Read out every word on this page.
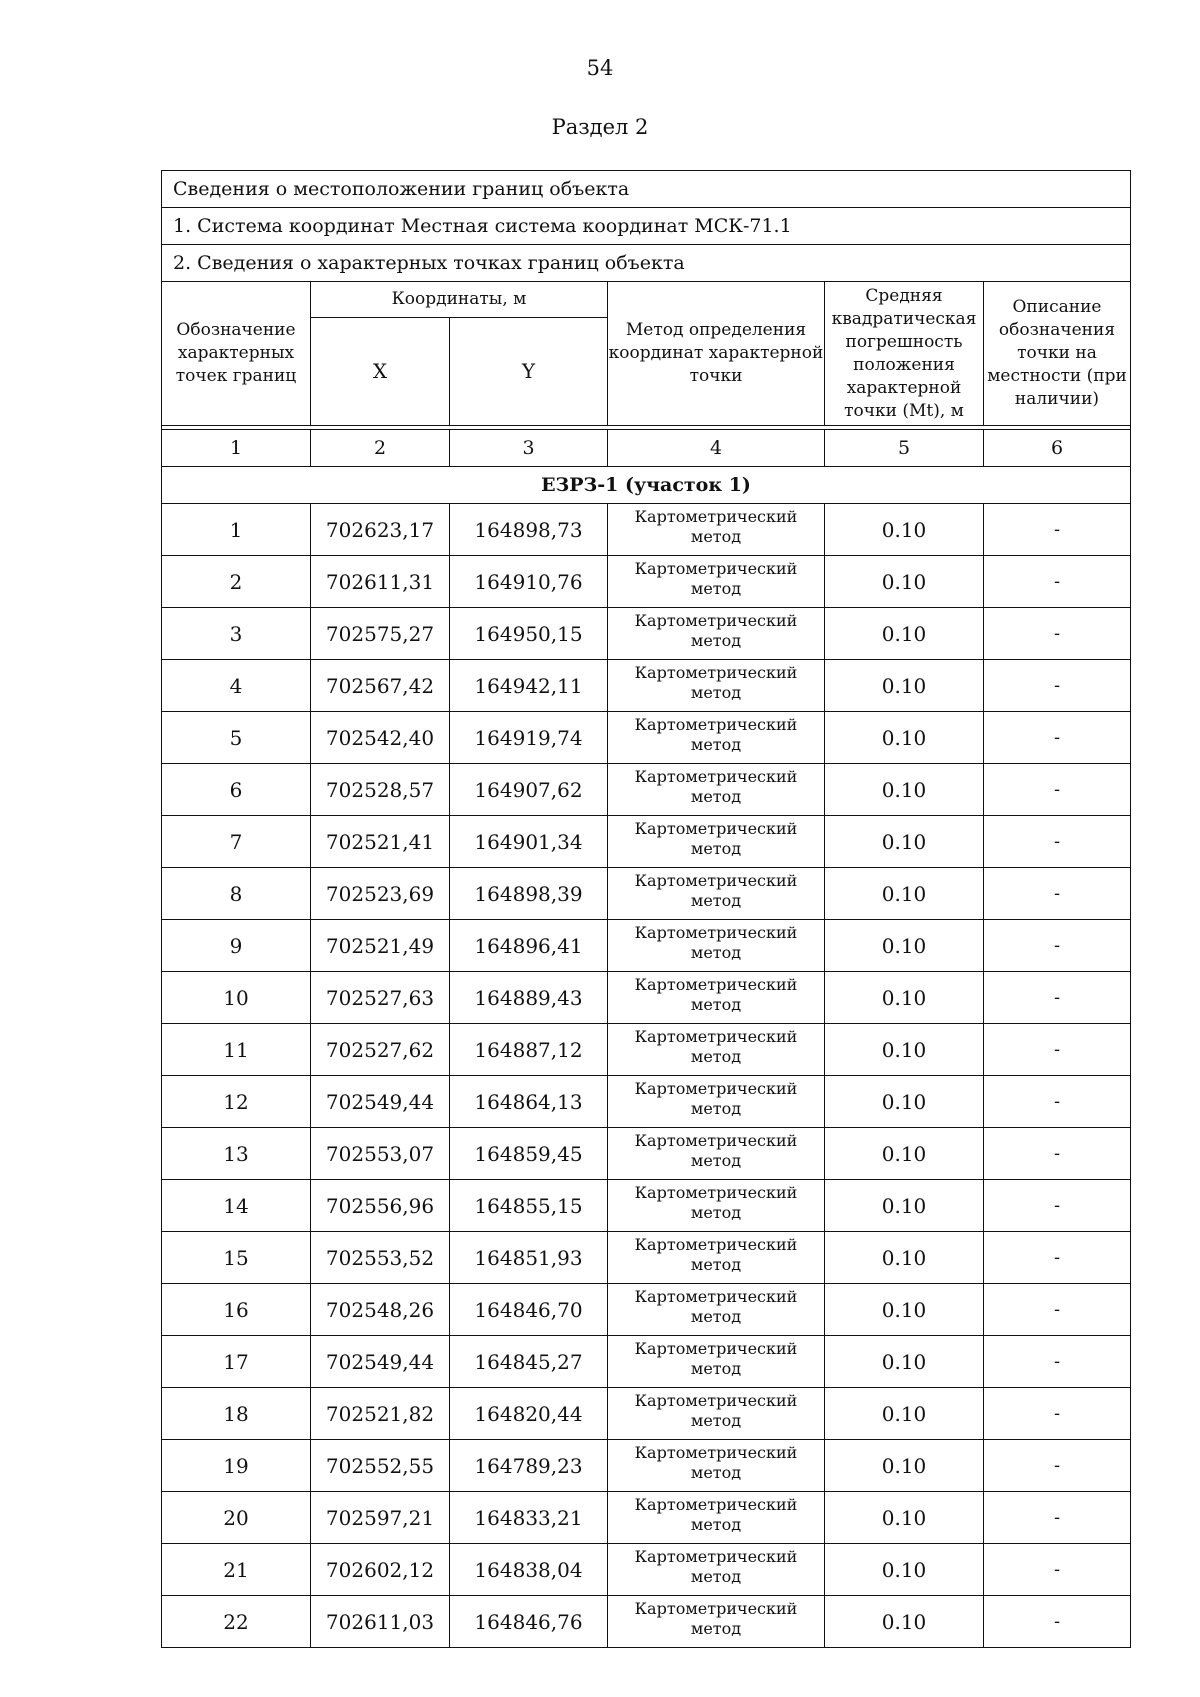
54
Раздел 2
Сведения о местоположении границ объекта					
1. Система координат Местная система координат МСК-71.1					
2. Сведения о характерных точках границ объекта					
Обозначение характерных точек границ	Координаты, м		Метод определения координат характерной точки	Средняя квадратическая погрешность положения характерной точки (Mt), м	Описание обозначения точки на местности (при наличии)
	X	Y			

1	2	3	4	5	6
ЕЗРЗ-1 (участок 1)					
1	702623,17	164898,73	Картометрический метод	0.10	-
2	702611,31	164910,76	Картометрический метод	0.10	-
3	702575,27	164950,15	Картометрический метод	0.10	-
4	702567,42	164942,11	Картометрический метод	0.10	-
5	702542,40	164919,74	Картометрический метод	0.10	-
6	702528,57	164907,62	Картометрический метод	0.10	-
7	702521,41	164901,34	Картометрический метод	0.10	-
8	702523,69	164898,39	Картометрический метод	0.10	-
9	702521,49	164896,41	Картометрический метод	0.10	-
10	702527,63	164889,43	Картометрический метод	0.10	-
11	702527,62	164887,12	Картометрический метод	0.10	-
12	702549,44	164864,13	Картометрический метод	0.10	-
13	702553,07	164859,45	Картометрический метод	0.10	-
14	702556,96	164855,15	Картометрический метод	0.10	-
15	702553,52	164851,93	Картометрический метод	0.10	-
16	702548,26	164846,70	Картометрический метод	0.10	-
17	702549,44	164845,27	Картометрический метод	0.10	-
18	702521,82	164820,44	Картометрический метод	0.10	-
19	702552,55	164789,23	Картометрический метод	0.10	-
20	702597,21	164833,21	Картометрический метод	0.10	-
21	702602,12	164838,04	Картометрический метод	0.10	-
22	702611,03	164846,76	Картометрический метод	0.10	-
